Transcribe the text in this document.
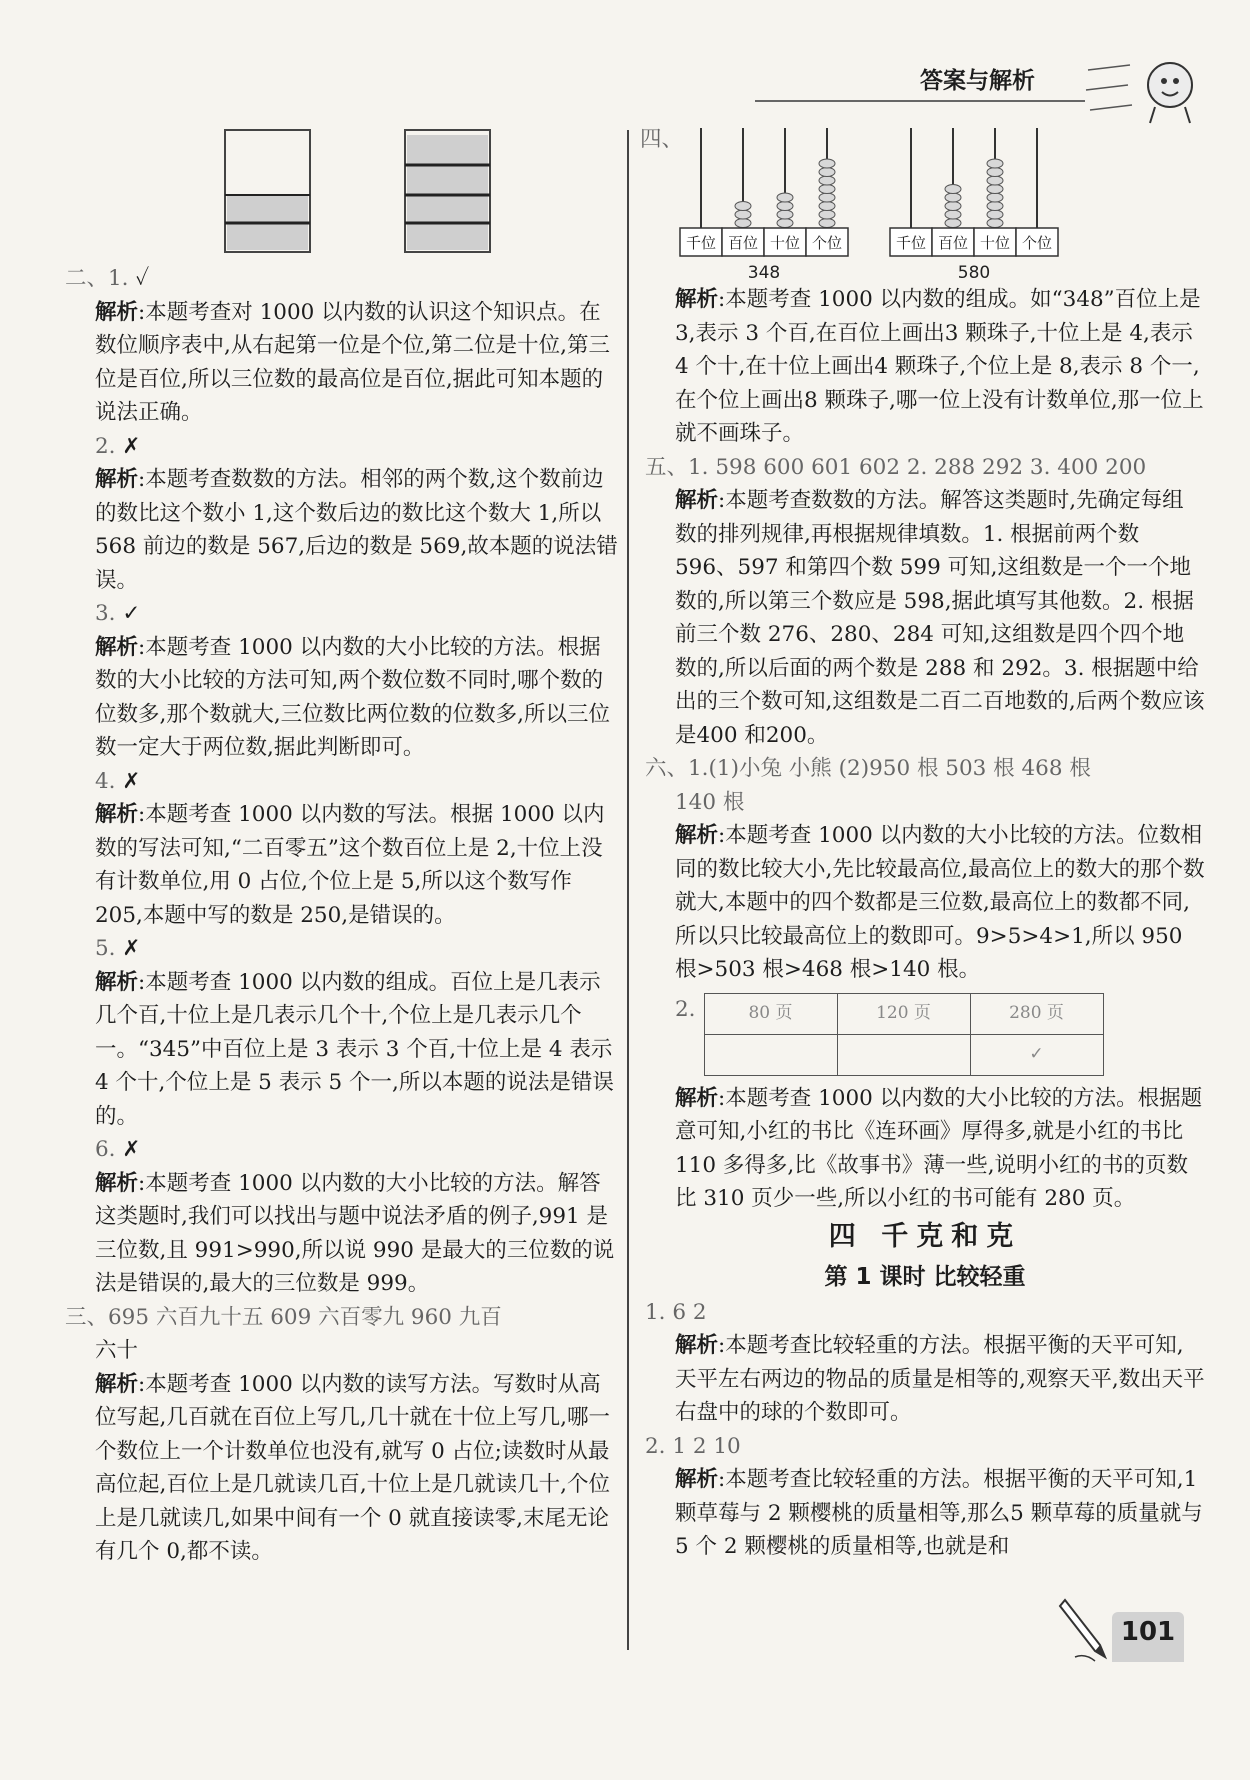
答案与解析

二、1. ✓

解析:本题考查对 1000 以内数的认识这个知识点。在数位顺序表中,从右起第一位是个位,第二位是十位,第三位是百位,所以三位数的最高位是百位,据此可知本题的说法正确。

2. ✗

解析:本题考查数数的方法。相邻的两个数,这个数前边的数比这个数小 1,这个数后边的数比这个数大 1,所以 568 前边的数是 567,后边的数是 569,故本题的说法错误。

3. ✓

解析:本题考查 1000 以内数的大小比较的方法。根据数的大小比较的方法可知,两个数位数不同时,哪个数的位数多,那个数就大,三位数比两位数的位数多,所以三位数一定大于两位数,据此判断即可。

4. ✗

解析:本题考查 1000 以内数的写法。根据 1000 以内数的写法可知,“二百零五”这个数百位上是 2,十位上没有计数单位,用 0 占位,个位上是 5,所以这个数写作 205,本题中写的数是 250,是错误的。

5. ✗

解析:本题考查 1000 以内数的组成。百位上是几表示几个百,十位上是几表示几个十,个位上是几表示几个一。“345”中百位上是 3 表示 3 个百,十位上是 4 表示 4 个十,个位上是 5 表示 5 个一,所以本题的说法是错误的。

6. ✗

解析:本题考查 1000 以内数的大小比较的方法。解答这类题时,我们可以找出与题中说法矛盾的例子,991 是三位数,且 991>990,所以说 990 是最大的三位数的说法是错误的,最大的三位数是 999。

三、695 六百九十五 609 六百零九 960 九百

六十

解析:本题考查 1000 以内数的读写方法。写数时从高位写起,几百就在百位上写几,几十就在十位上写几,哪一个数位上一个计数单位也没有,就写 0 占位;读数时从最高位起,百位上是几就读几百,十位上是几就读几十,个位上是几就读几,如果中间有一个 0 就直接读零,末尾无论有几个 0,都不读。

四、
千位 百位 十位 个位
348
千位 百位 十位 个位
580

解析:本题考查 1000 以内数的组成。如“348”百位上是 3,表示 3 个百,在百位上画出3 颗珠子,十位上是 4,表示 4 个十,在十位上画出4 颗珠子,个位上是 8,表示 8 个一,在个位上画出8 颗珠子,哪一位上没有计数单位,那一位上就不画珠子。

五、1. 598 600 601 602 2. 288 292 3. 400 200

解析:本题考查数数的方法。解答这类题时,先确定每组数的排列规律,再根据规律填数。1. 根据前两个数 596、597 和第四个数 599 可知,这组数是一个一个地数的,所以第三个数应是 598,据此填写其他数。2. 根据前三个数 276、280、284 可知,这组数是四个四个地数的,所以后面的两个数是 288 和 292。3. 根据题中给出的三个数可知,这组数是二百二百地数的,后两个数应该是400 和200。

六、1.(1)小兔 小熊 (2)950 根 503 根 468 根

140 根

解析:本题考查 1000 以内数的大小比较的方法。位数相同的数比较大小,先比较最高位,最高位上的数大的那个数就大,本题中的四个数都是三位数,最高位上的数都不同,所以只比较最高位上的数即可。9>5>4>1,所以 950 根>503 根>468 根>140 根。

2.	80 页	120 页	280 页
		✓

解析:本题考查 1000 以内数的大小比较的方法。根据题意可知,小红的书比《连环画》厚得多,就是小红的书比 110 多得多,比《故事书》薄一些,说明小红的书的页数比 310 页少一些,所以小红的书可能有 280 页。

四 千克和克
第 1 课时 比较轻重

1. 6 2

解析:本题考查比较轻重的方法。根据平衡的天平可知,天平左右两边的物品的质量是相等的,观察天平,数出天平右盘中的球的个数即可。

2. 1 2 10

解析:本题考查比较轻重的方法。根据平衡的天平可知,1 颗草莓与 2 颗樱桃的质量相等,那么5 颗草莓的质量就与 5 个 2 颗樱桃的质量相等,也就是和

101
